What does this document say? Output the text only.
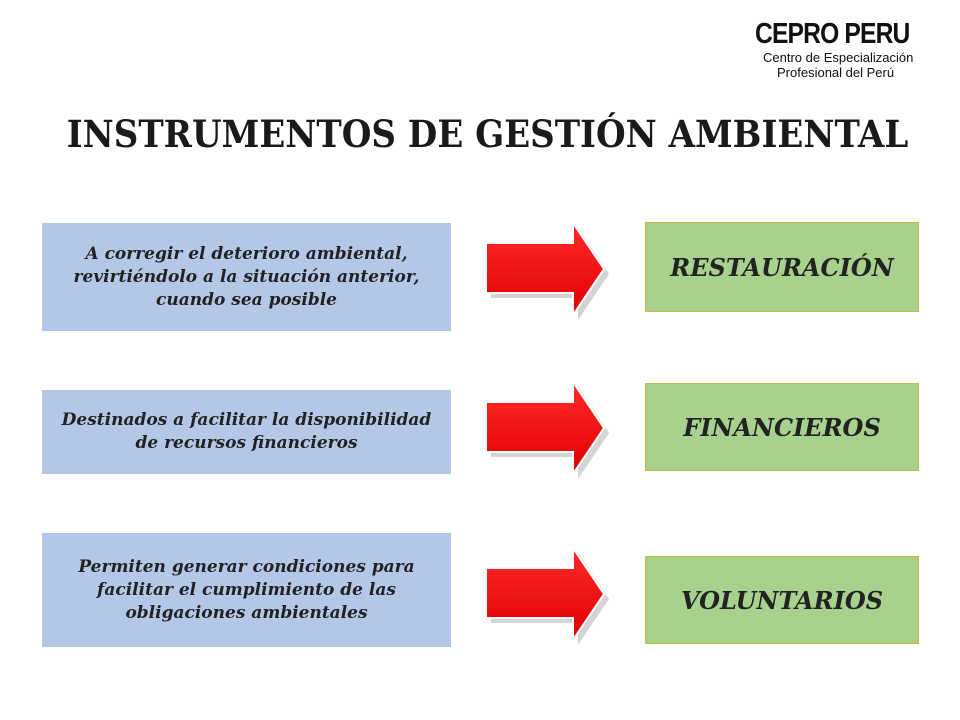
CEPRO PERU
Centro de Especialización
Profesional del Perú
INSTRUMENTOS DE GESTIÓN AMBIENTAL
A corregir el deterioro ambiental, revirtiéndolo a la situación anterior, cuando sea posible
RESTAURACIÓN
Destinados a facilitar la disponibilidad de recursos financieros
FINANCIEROS
Permiten generar condiciones para facilitar el cumplimiento de las obligaciones ambientales	VOLUNTARIOS
